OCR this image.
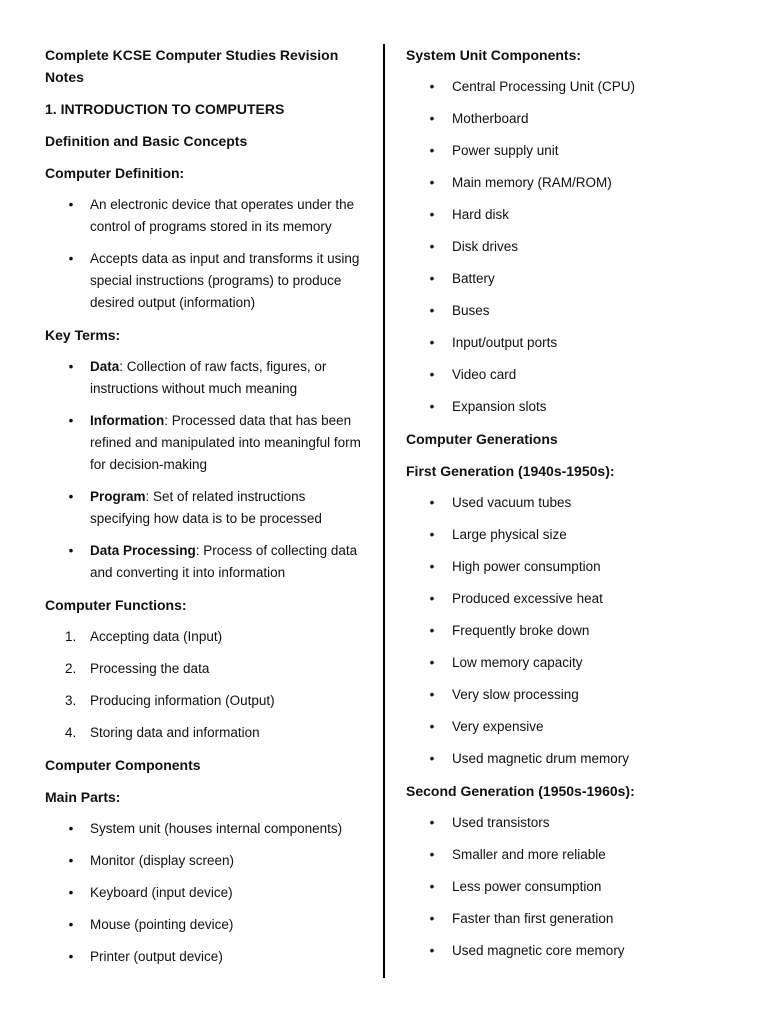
Complete KCSE Computer Studies Revision Notes
1. INTRODUCTION TO COMPUTERS
Definition and Basic Concepts
Computer Definition:
•	An electronic device that operates under the control of programs stored in its memory
•	Accepts data as input and transforms it using special instructions (programs) to produce desired output (information)
Key Terms:
•	Data: Collection of raw facts, figures, or instructions without much meaning
•	Information: Processed data that has been refined and manipulated into meaningful form for decision-making
•	Program: Set of related instructions specifying how data is to be processed
•	Data Processing: Process of collecting data and converting it into information
Computer Functions:
1. Accepting data (Input)
2. Processing the data
3. Producing information (Output)
4. Storing data and information
Computer Components
Main Parts:
•	System unit (houses internal components)
•	Monitor (display screen)
•	Keyboard (input device)
•	Mouse (pointing device)
•	Printer (output device)
System Unit Components:
•	Central Processing Unit (CPU)
•	Motherboard
•	Power supply unit
•	Main memory (RAM/ROM)
•	Hard disk
•	Disk drives
•	Battery
•	Buses
•	Input/output ports
•	Video card
•	Expansion slots
Computer Generations
First Generation (1940s-1950s):
•	Used vacuum tubes
•	Large physical size
•	High power consumption
•	Produced excessive heat
•	Frequently broke down
•	Low memory capacity
•	Very slow processing
•	Very expensive
•	Used magnetic drum memory
Second Generation (1950s-1960s):
•	Used transistors
•	Smaller and more reliable
•	Less power consumption
•	Faster than first generation
•	Used magnetic core memory
